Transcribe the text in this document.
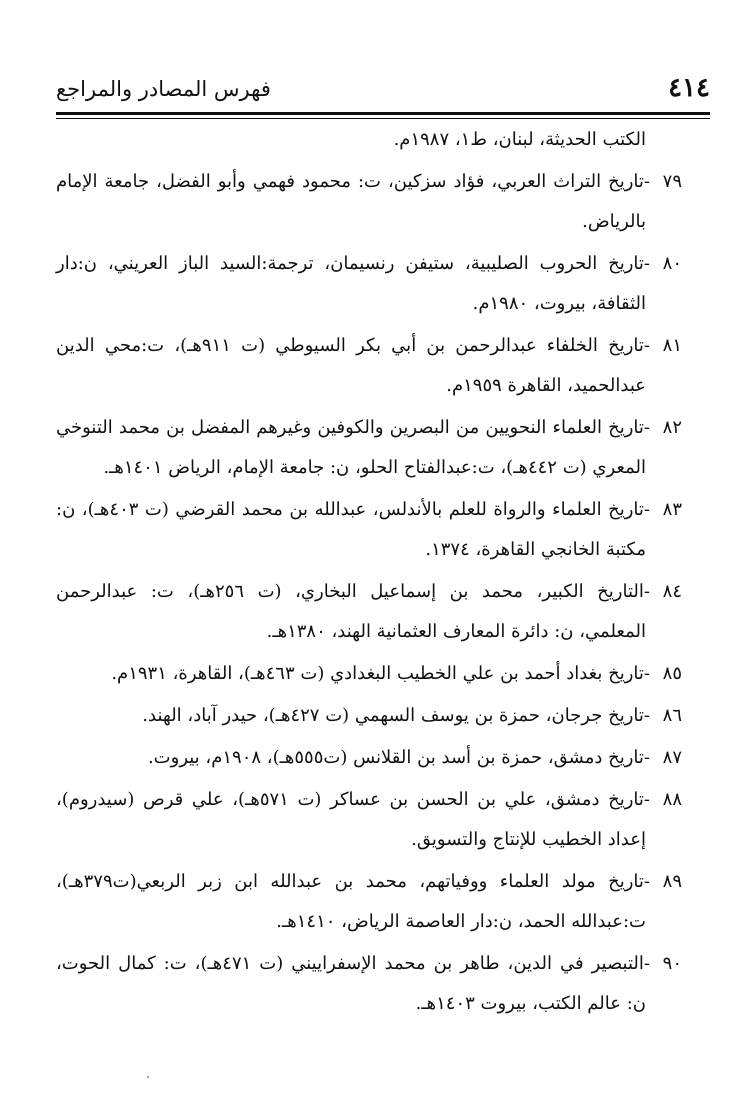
٤١٤
فهرس المصادر والمراجع

الكتب الحديثة، لبنان، ط١، ١٩٨٧م.

٧٩-تاريخ التراث العربي، فؤاد سزكين، ت: محمود فهمي وأبو الفضل، جامعة الإمام بالرياض.

٨٠-تاريخ الحروب الصليبية، ستيفن رنسيمان، ترجمة:السيد الباز العريني، ن:دار الثقافة، بيروت، ١٩٨٠م.

٨١-تاريخ الخلفاء عبدالرحمن بن أبي بكر السيوطي (ت ٩١١هـ)، ت:محي الدين عبدالحميد، القاهرة ١٩٥٩م.

٨٢-تاريخ العلماء النحويين من البصرين والكوفين وغيرهم المفضل بن محمد التنوخي المعري (ت ٤٤٢هـ)، ت:عبدالفتاح الحلو، ن: جامعة الإمام، الرياض ١٤٠١هـ.

٨٣-تاريخ العلماء والرواة للعلم بالأندلس، عبدالله بن محمد القرضي (ت ٤٠٣هـ)، ن: مكتبة الخانجي القاهرة، ١٣٧٤.

٨٤-التاريخ الكبير، محمد بن إسماعيل البخاري، (ت ٢٥٦هـ)، ت: عبدالرحمن المعلمي، ن: دائرة المعارف العثمانية الهند، ١٣٨٠هـ.

٨٥-تاريخ بغداد أحمد بن علي الخطيب البغدادي (ت ٤٦٣هـ)، القاهرة، ١٩٣١م.

٨٦-تاريخ جرجان، حمزة بن يوسف السهمي (ت ٤٢٧هـ)، حيدر آباد، الهند.

٨٧-تاريخ دمشق، حمزة بن أسد بن القلانس (ت٥٥٥هـ)، ١٩٠٨م، بيروت.

٨٨-تاريخ دمشق، علي بن الحسن بن عساكر (ت ٥٧١هـ)، علي قرص (سيدروم)، إعداد الخطيب للإنتاج والتسويق.

٨٩-تاريخ مولد العلماء ووفياتهم، محمد بن عبدالله ابن زبر الربعي(ت٣٧٩هـ)، ت:عبدالله الحمد، ن:دار العاصمة الرياض، ١٤١٠هـ.

٩٠-التبصير في الدين، طاهر بن محمد الإسفراييني (ت ٤٧١هـ)، ت: كمال الحوت، ن: عالم الكتب، بيروت ١٤٠٣هـ.
